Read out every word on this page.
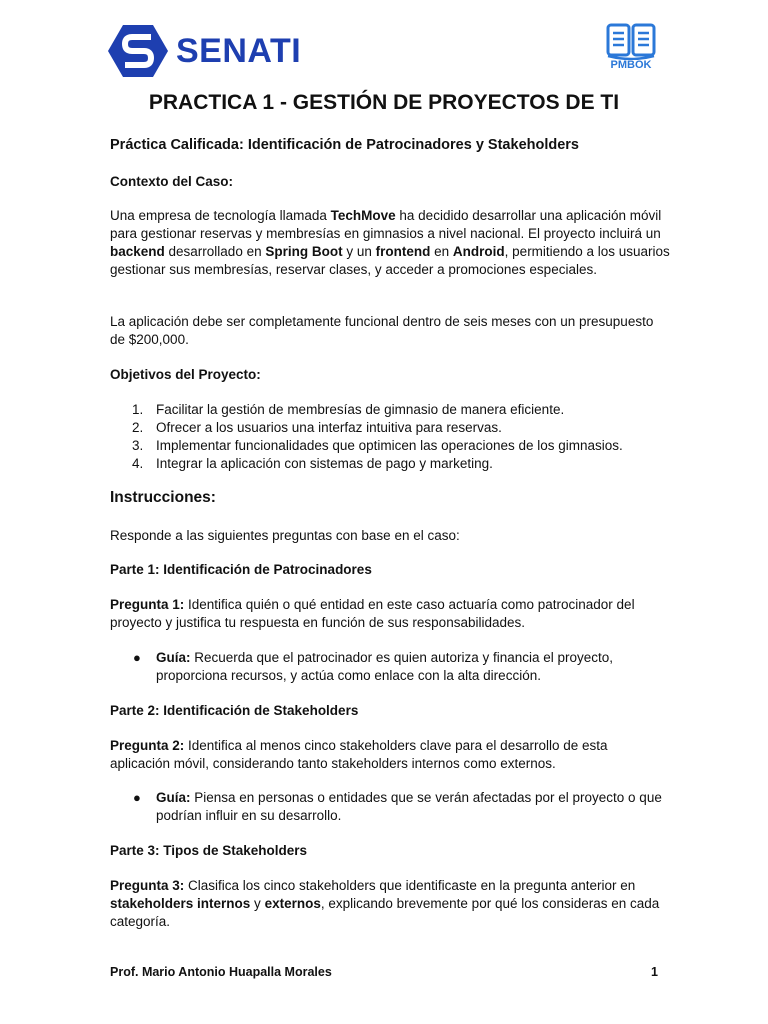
SENATI	PMBOK
PRACTICA 1 - GESTIÓN DE PROYECTOS DE TI
Práctica Calificada: Identificación de Patrocinadores y Stakeholders
Contexto del Caso:

Una empresa de tecnología llamada TechMove ha decidido desarrollar una aplicación móvil para gestionar reservas y membresías en gimnasios a nivel nacional. El proyecto incluirá un backend desarrollado en Spring Boot y un frontend en Android, permitiendo a los usuarios gestionar sus membresías, reservar clases, y acceder a promociones especiales.

La aplicación debe ser completamente funcional dentro de seis meses con un presupuesto de $200,000.

Objetivos del Proyecto:
1. Facilitar la gestión de membresías de gimnasio de manera eficiente.
2. Ofrecer a los usuarios una interfaz intuitiva para reservas.
3. Implementar funcionalidades que optimicen las operaciones de los gimnasios.
4. Integrar la aplicación con sistemas de pago y marketing.
Instrucciones:
Responde a las siguientes preguntas con base en el caso:
Parte 1: Identificación de Patrocinadores

Pregunta 1: Identifica quién o qué entidad en este caso actuaría como patrocinador del proyecto y justifica tu respuesta en función de sus responsabilidades.

● Guía: Recuerda que el patrocinador es quien autoriza y financia el proyecto, proporciona recursos, y actúa como enlace con la alta dirección.
Parte 2: Identificación de Stakeholders

Pregunta 2: Identifica al menos cinco stakeholders clave para el desarrollo de esta aplicación móvil, considerando tanto stakeholders internos como externos.

● Guía: Piensa en personas o entidades que se verán afectadas por el proyecto o que podrían influir en su desarrollo.
Parte 3: Tipos de Stakeholders

Pregunta 3: Clasifica los cinco stakeholders que identificaste en la pregunta anterior en stakeholders internos y externos, explicando brevemente por qué los consideras en cada categoría.

Prof. Mario Antonio Huapalla Morales	1
